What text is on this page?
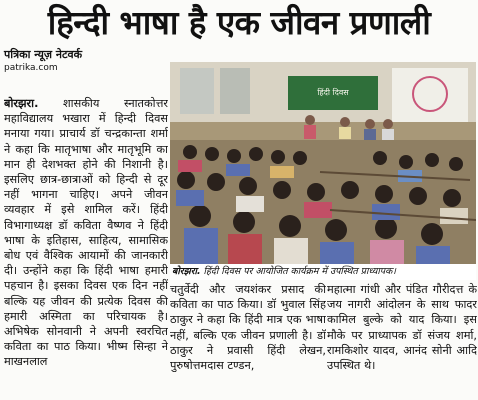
हिन्दी भाषा है एक जीवन प्रणाली
पत्रिका न्यूज़ नेटवर्क
patrika.com
बोरझरा. शासकीय स्नातकोत्तर महाविद्यालय भखारा में हिन्दी दिवस मनाया गया। प्राचार्य डॉ चन्द्रकान्ता शर्मा ने कहा कि मातृभाषा और मातृभूमि का मान ही देशभक्त होने की निशानी है। इसलिए छात्र-छात्राओं को हिन्दी से दूर नहीं भागना चाहिए। अपने जीवन व्यवहार में इसे शामिल करें। हिंदी विभागाध्यक्ष डॉ कविता वैष्णव ने हिंदी भाषा के इतिहास, साहित्य, सामासिक बोध एवं वैश्विक आयामों की जानकारी दी। उन्होंने कहा कि हिंदी भाषा हमारी पहचान है। इसका दिवस एक दिन नहीं बल्कि यह जीवन की प्रत्येक दिवस की हमारी अस्मिता का परिचायक है। अभिषेक सोनवानी ने अपनी स्वरचित कविता का पाठ किया। भीष्म सिन्हा ने माखनलाल
हिंदी दिवस
बोरझरा. हिंदी दिवस पर आयोजित कार्यक्रम में उपस्थित प्राध्यापक।
चतुर्वेदी और जयशंकर प्रसाद की कविता का पाठ किया। डॉ भुवाल सिंह ठाकुर ने कहा कि हिंदी मात्र एक भाषा नहीं, बल्कि एक जीवन प्रणाली है। डॉ ठाकुर ने प्रवासी हिंदी लेखन, पुरुषोत्तमदास टण्डन,
महात्मा गांधी और पंडित गौरीदत्त के जय नागरी आंदोलन के साथ फादर कामिल बुल्के को याद किया। इस मौके पर प्राध्यापक डॉ संजय शर्मा, रामकिशोर यादव, आनंद सोनी आदि उपस्थित थे।
